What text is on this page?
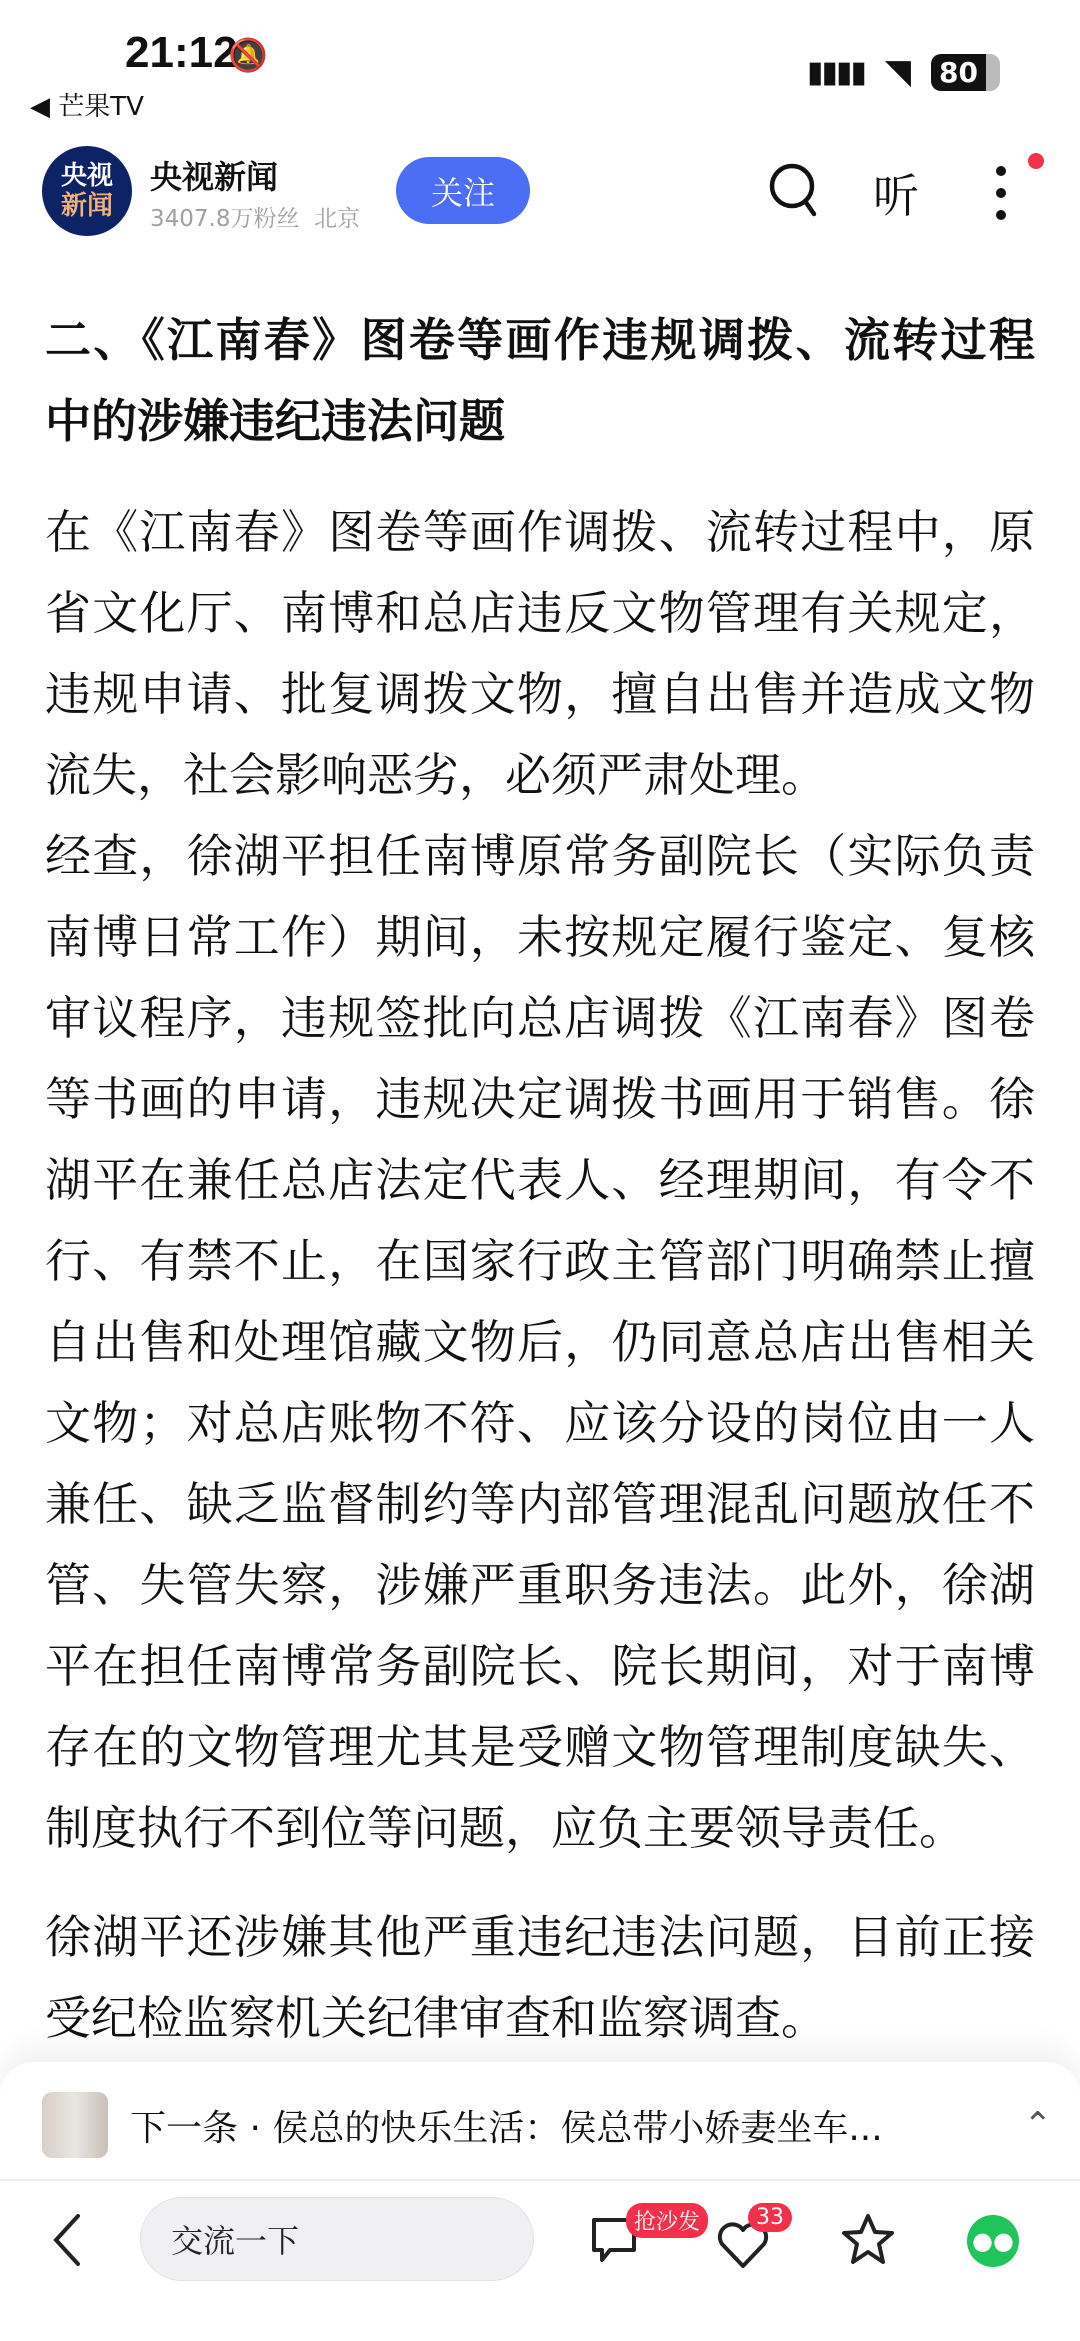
21:12
🔕
◀ 芒果TV
▮▮▮▮ ◥ 80
央视
新闻
央视新闻
3407.8万粉丝 北京
关注	听
二、《江南春》图卷等画作违规调拨、流转过程
中的涉嫌违纪违法问题
在《江南春》图卷等画作调拨、流转过程中，原
省文化厅、南博和总店违反文物管理有关规定，
违规申请、批复调拨文物，擅自出售并造成文物
流失，社会影响恶劣，必须严肃处理。
经查，徐湖平担任南博原常务副院长（实际负责
南博日常工作）期间，未按规定履行鉴定、复核
审议程序，违规签批向总店调拨《江南春》图卷
等书画的申请，违规决定调拨书画用于销售。徐
湖平在兼任总店法定代表人、经理期间，有令不
行、有禁不止，在国家行政主管部门明确禁止擅
自出售和处理馆藏文物后，仍同意总店出售相关
文物；对总店账物不符、应该分设的岗位由一人
兼任、缺乏监督制约等内部管理混乱问题放任不
管、失管失察，涉嫌严重职务违法。此外，徐湖
平在担任南博常务副院长、院长期间，对于南博
存在的文物管理尤其是受赠文物管理制度缺失、
制度执行不到位等问题，应负主要领导责任。
徐湖平还涉嫌其他严重违纪违法问题，目前正接
受纪检监察机关纪律审查和监察调查。
下一条 · 侯总的快乐生活：侯总带小娇妻坐车...	⌃
交流一下	抢沙发	33
●●
